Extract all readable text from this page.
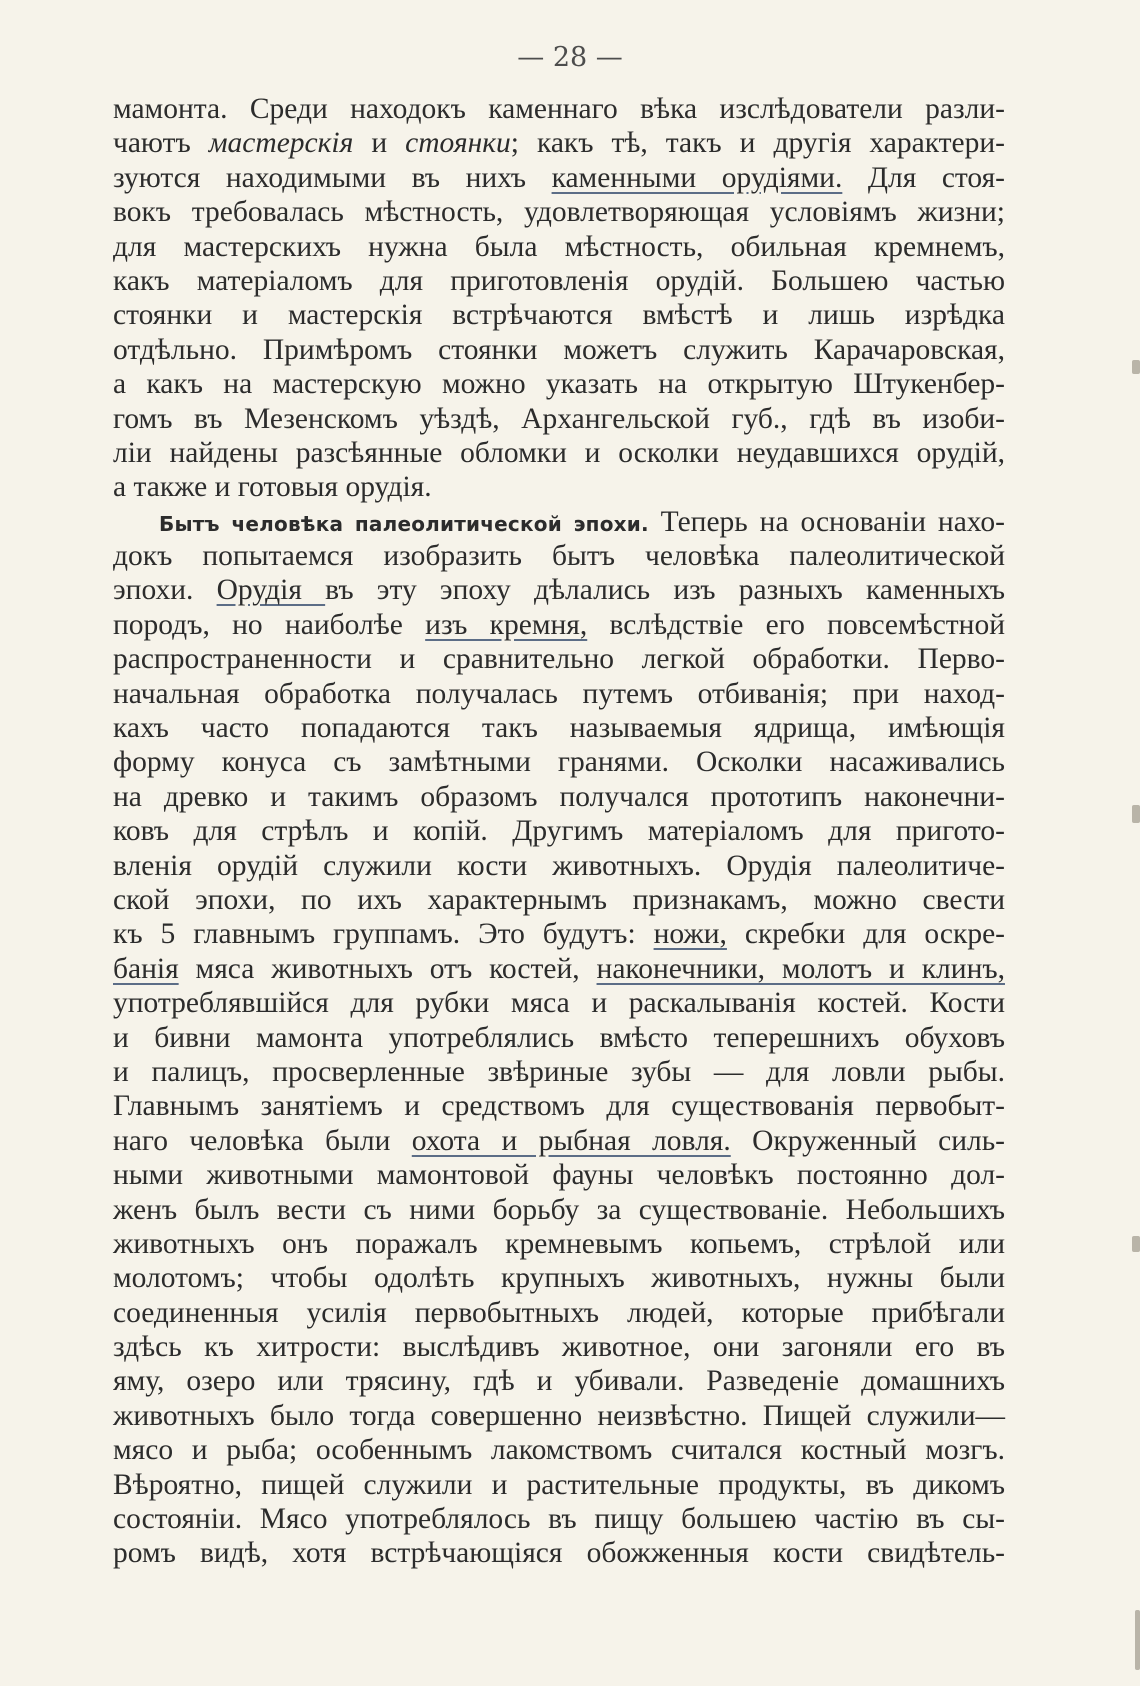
— 28 —
мамонта. Среди находокъ каменнаго вѣка изслѣдователи разли-
чаютъ мастерскія и стоянки; какъ тѣ, такъ и другія характери-
зуются находимыми въ нихъ каменными орудіями. Для стоя-
вокъ требовалась мѣстность, удовлетворяющая условіямъ жизни;
для мастерскихъ нужна была мѣстность, обильная кремнемъ,
какъ матеріаломъ для приготовленія орудій. Большею частью
стоянки и мастерскія встрѣчаются вмѣстѣ и лишь изрѣдка
отдѣльно. Примѣромъ стоянки можетъ служить Карачаровская,
а какъ на мастерскую можно указать на открытую Штукенбер-
гомъ въ Мезенскомъ уѣздѣ, Архангельской губ., гдѣ въ изоби-
ліи найдены разсѣянные обломки и осколки неудавшихся орудій,
а также и готовыя орудія.
Бытъ человѣка палеолитической эпохи. Теперь на основаніи нахо-
докъ попытаемся изобразить бытъ человѣка палеолитической
эпохи. Орудія въ эту эпоху дѣлались изъ разныхъ каменныхъ
породъ, но наиболѣе изъ кремня, вслѣдствіе его повсемѣстной
распространенности и сравнительно легкой обработки. Перво-
начальная обработка получалась путемъ отбиванія; при наход-
кахъ часто попадаются такъ называемыя ядрища, имѣющія
форму конуса съ замѣтными гранями. Осколки насаживались
на древко и такимъ образомъ получался прототипъ наконечни-
ковъ для стрѣлъ и копій. Другимъ матеріаломъ для пригото-
вленія орудій служили кости животныхъ. Орудія палеолитиче-
ской эпохи, по ихъ характернымъ признакамъ, можно свести
къ 5 главнымъ группамъ. Это будутъ: ножи, скребки для оскре-
банія мяса животныхъ отъ костей, наконечники, молотъ и клинъ,
употреблявшійся для рубки мяса и раскалыванія костей. Кости
и бивни мамонта употреблялись вмѣсто теперешнихъ обуховъ
и палицъ, просверленные звѣриные зубы — для ловли рыбы.
Главнымъ занятіемъ и средствомъ для существованія первобыт-
наго человѣка были охота и рыбная ловля. Окруженный силь-
ными животными мамонтовой фауны человѣкъ постоянно дол-
женъ былъ вести съ ними борьбу за существованіе. Небольшихъ
животныхъ онъ поражалъ кремневымъ копьемъ, стрѣлой или
молотомъ; чтобы одолѣть крупныхъ животныхъ, нужны были
соединенныя усилія первобытныхъ людей, которые прибѣгали
здѣсь къ хитрости: выслѣдивъ животное, они загоняли его въ
яму, озеро или трясину, гдѣ и убивали. Разведеніе домашнихъ
животныхъ было тогда совершенно неизвѣстно. Пищей служили—
мясо и рыба; особеннымъ лакомствомъ считался костный мозгъ.
Вѣроятно, пищей служили и растительные продукты, въ дикомъ
состояніи. Мясо употреблялось въ пищу большею частію въ сы-
ромъ видѣ, хотя встрѣчающіяся обожженныя кости свидѣтель-
